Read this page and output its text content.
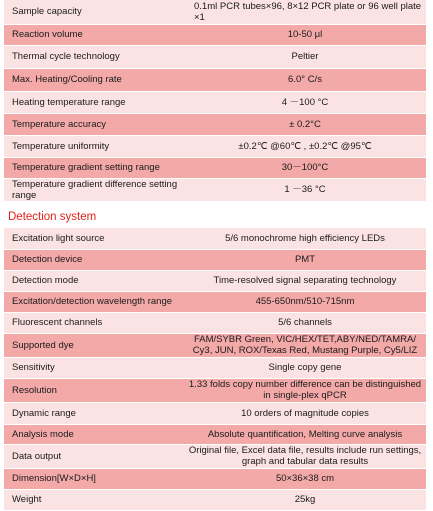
Sample capacity	0.1ml PCR tubes×96, 8×12 PCR plate or 96 well plate ×1
Reaction volume	10-50 μl
Thermal cycle technology	Peltier
Max. Heating/Cooling rate	6.0° C/s
Heating temperature range	4 －100 °C
Temperature accuracy	± 0.2°C
Temperature uniformity	±0.2℃ @60℃ , ±0.2℃ @95℃
Temperature gradient setting range	30－100°C
Temperature gradient difference setting range	1 －36 °C
Detection system
Excitation light source	5/6 monochrome high efficiency LEDs
Detection device	PMT
Detection mode	Time-resolved signal separating technology
Excitation/detection wavelength range	455-650nm/510-715nm
Fluorescent channels	5/6 channels
Supported dye	FAM/SYBR Green, VIC/HEX/TET,ABY/NED/TAMRA/ Cy3, JUN, ROX/Texas Red, Mustang Purple, Cy5/LIZ
Sensitivity	Single copy gene
Resolution	1.33 folds copy number difference can be distinguished in single-plex qPCR
Dynamic range	10 orders of magnitude copies
Analysis mode	Absolute quantification, Melting curve analysis
Data output	Original file, Excel data file, results include run settings, graph and tabular data results
Dimension[W×D×H]	50×36×38 cm
Weight	25kg
